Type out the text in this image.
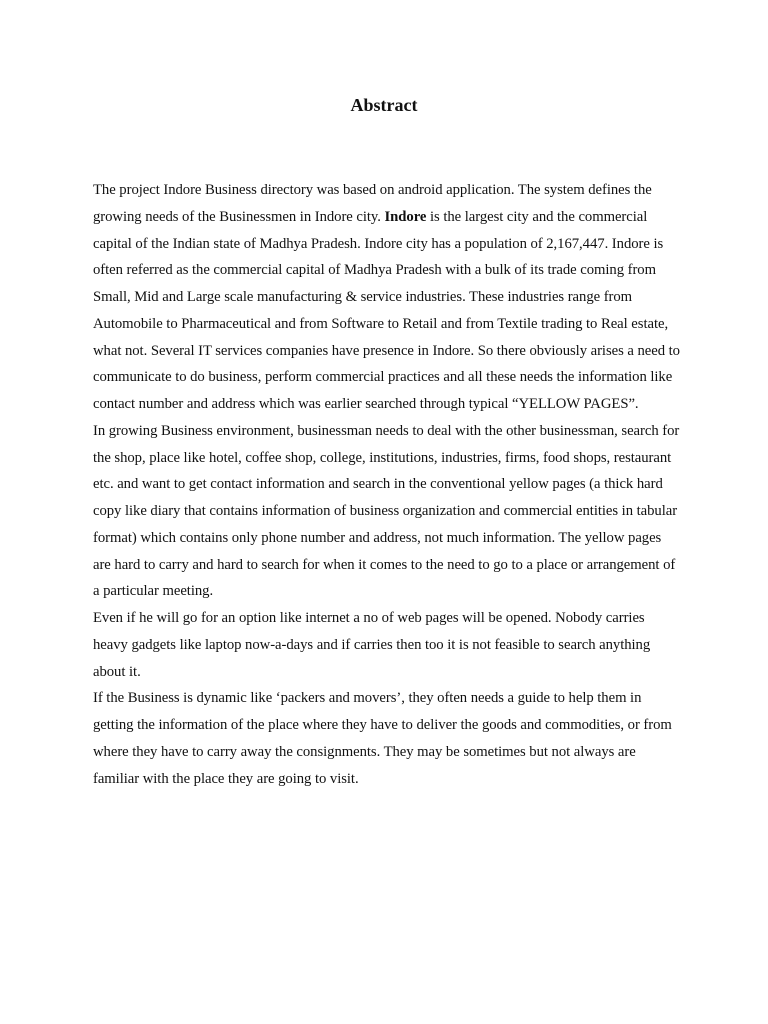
Abstract

The project Indore Business directory was based on android application. The system defines the growing needs of the Businessmen in Indore city. Indore is the largest city and the commercial capital of the Indian state of Madhya Pradesh. Indore city has a population of 2,167,447. Indore is often referred as the commercial capital of Madhya Pradesh with a bulk of its trade coming from Small, Mid and Large scale manufacturing & service industries. These industries range from Automobile to Pharmaceutical and from Software to Retail and from Textile trading to Real estate, what not. Several IT services companies have presence in Indore. So there obviously arises a need to communicate to do business, perform commercial practices and all these needs the information like contact number and address which was earlier searched through typical “YELLOW PAGES”.

In growing Business environment, businessman needs to deal with the other businessman, search for the shop, place like hotel, coffee shop, college, institutions, industries, firms, food shops, restaurant etc. and want to get contact information and search in the conventional yellow pages (a thick hard copy like diary that contains information of business organization and commercial entities in tabular format) which contains only phone number and address, not much information. The yellow pages are hard to carry and hard to search for when it comes to the need to go to a place or arrangement of a particular meeting.

Even if he will go for an option like internet a no of web pages will be opened. Nobody carries heavy gadgets like laptop now-a-days and if carries then too it is not feasible to search anything about it.

If the Business is dynamic like ‘packers and movers’, they often needs a guide to help them in getting the information of the place where they have to deliver the goods and commodities, or from where they have to carry away the consignments. They may be sometimes but not always are familiar with the place they are going to visit.
